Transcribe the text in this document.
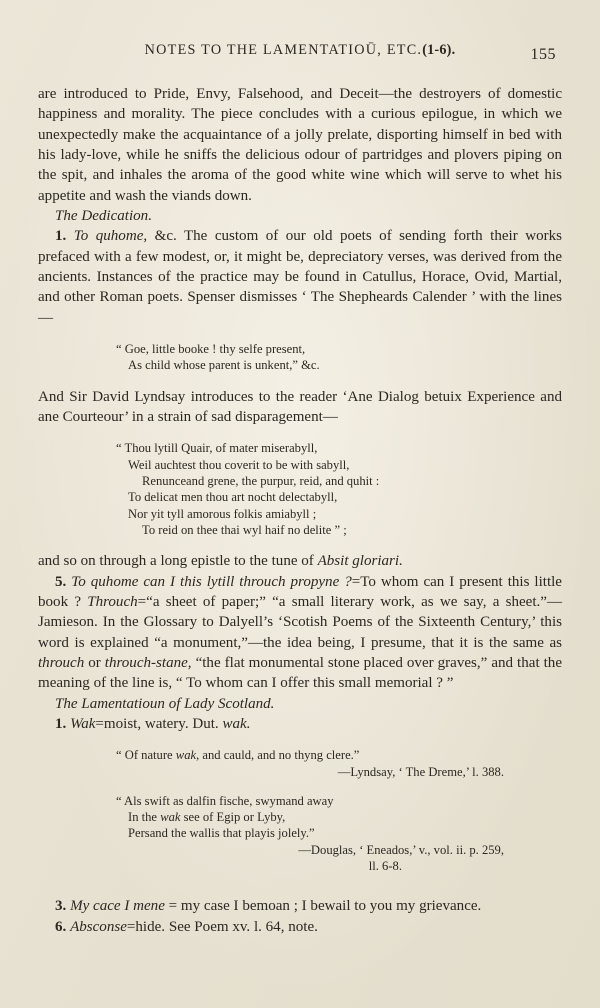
NOTES TO THE LAMENTATIOŪ, ETC.(1-6).	155

are introduced to Pride, Envy, Falsehood, and Deceit—the destroyers of domestic happiness and morality. The piece concludes with a curious epilogue, in which we unexpectedly make the acquaintance of a jolly prelate, disporting himself in bed with his lady-love, while he sniffs the delicious odour of partridges and plovers piping on the spit, and inhales the aroma of the good white wine which will serve to whet his appetite and wash the viands down.

The Dedication.

1. To quhome, &c. The custom of our old poets of sending forth their works prefaced with a few modest, or, it might be, depreciatory verses, was derived from the ancients. Instances of the practice may be found in Catullus, Horace, Ovid, Martial, and other Roman poets. Spenser dismisses ‘ The Shepheards Calender ’ with the lines—

“ Goe, little booke ! thy selfe present,
As child whose parent is unkent,” &c.

And Sir David Lyndsay introduces to the reader ‘Ane Dialog betuix Experience and ane Courteour’ in a strain of sad disparagement—

“ Thou lytill Quair, of mater miserabyll,
Weil auchtest thou coverit to be with sabyll,
Renunceand grene, the purpur, reid, and quhit :
To delicat men thou art nocht delectabyll,
Nor yit tyll amorous folkis amiabyll ;
To reid on thee thai wyl haif no delite ” ;

and so on through a long epistle to the tune of Absit gloriari.

5. To quhome can I this lytill throuch propyne ?=To whom can I present this little book ? Throuch=“a sheet of paper;” “a small literary work, as we say, a sheet.”—Jamieson. In the Glossary to Dalyell’s ‘Scotish Poems of the Sixteenth Century,’ this word is explained “a monument,”—the idea being, I presume, that it is the same as throuch or throuch-stane, “the flat monumental stone placed over graves,” and that the meaning of the line is, “ To whom can I offer this small memorial ? ”

The Lamentatioun of Lady Scotland.

1. Wak=moist, watery. Dut. wak.

“ Of nature wak, and cauld, and no thyng clere.”
—Lyndsay, ‘ The Dreme,’ l. 388.
“ Als swift as dalfin fische, swymand away
In the wak see of Egip or Lyby,
Persand the wallis that playis jolely.”
—Douglas, ‘ Eneados,’ v., vol. ii. p. 259,
ll. 6-8.

3. My cace I mene = my case I bemoan ; I bewail to you my grievance.

6. Absconse=hide. See Poem xv. l. 64, note.
